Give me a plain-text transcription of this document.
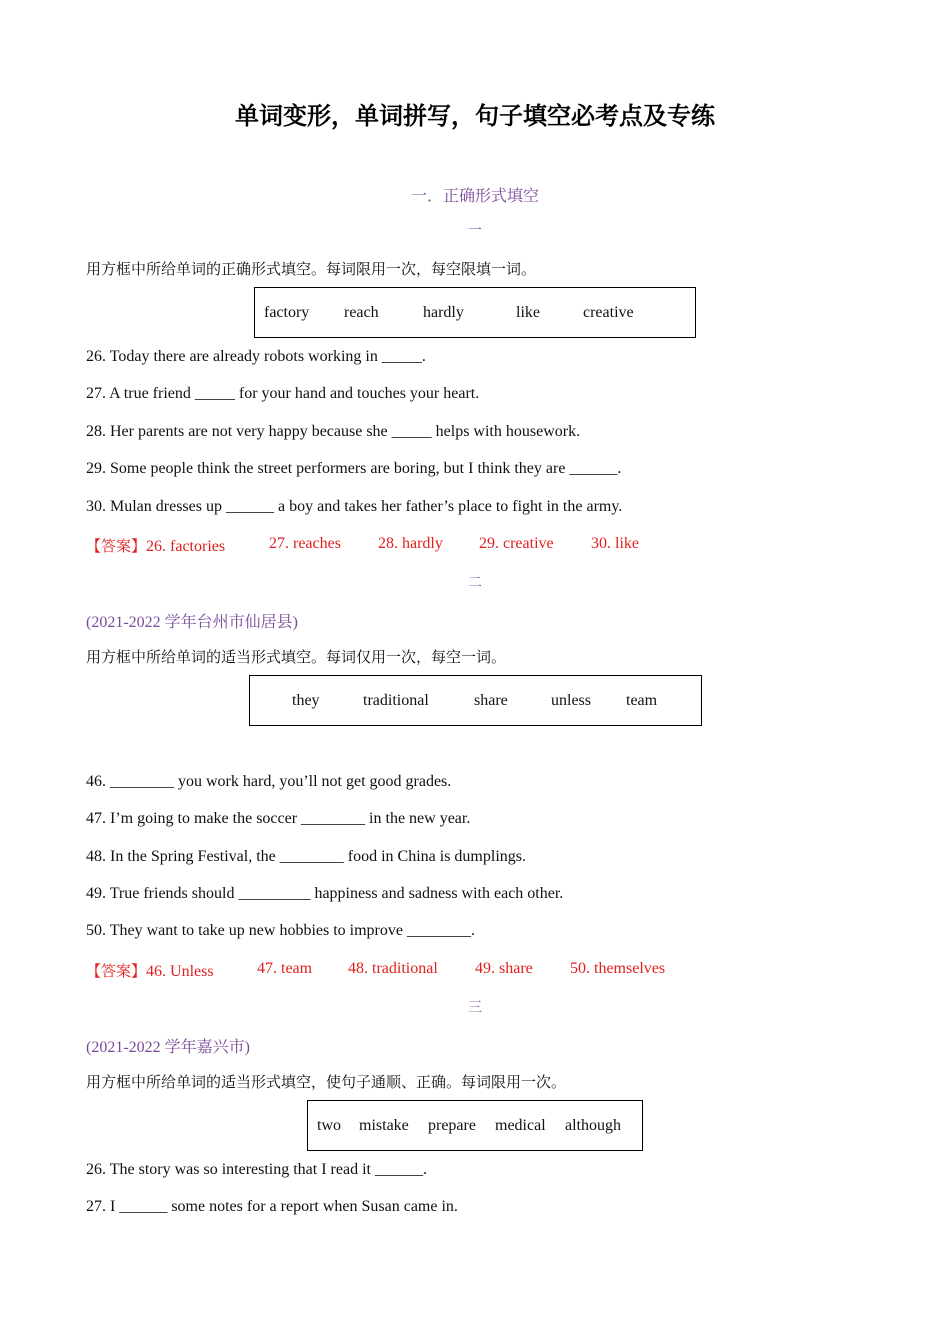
单词变形，单词拼写，句子填空必考点及专练
一．正确形式填空
一
用方框中所给单词的正确形式填空。每词限用一次，每空限填一词。
factory reach	hardly	like	creative
26. Today there are already robots working in _____.
27. A true friend _____ for your hand and touches your heart.
28. Her parents are not very happy because she _____ helps with housework.
29. Some people think the street performers are boring, but I think they are ______.
30. Mulan dresses up ______ a boy and takes her father’s place to fight in the army.
【答案】26. factories	27. reaches 28. hardly 29. creative 30. like
二
(2021-2022 学年台州市仙居县)
用方框中所给单词的适当形式填空。每词仅用一次，每空一词。
they	traditional	share	unless team
46. ________ you work hard, you’ll not get good grades.
47. I’m going to make the soccer ________ in the new year.
48. In the Spring Festival, the ________ food in China is dumplings.
49. True friends should _________ happiness and sadness with each other.
50. They want to take up new hobbies to improve ________.
【答案】46. Unless	47. team 48. traditional 49. share 50. themselves
三
(2021-2022 学年嘉兴市)
用方框中所给单词的适当形式填空，使句子通顺、正确。每词限用一次。
two mistake prepare medical although
26. The story was so interesting that I read it ______.
27. I ______ some notes for a report when Susan came in.
